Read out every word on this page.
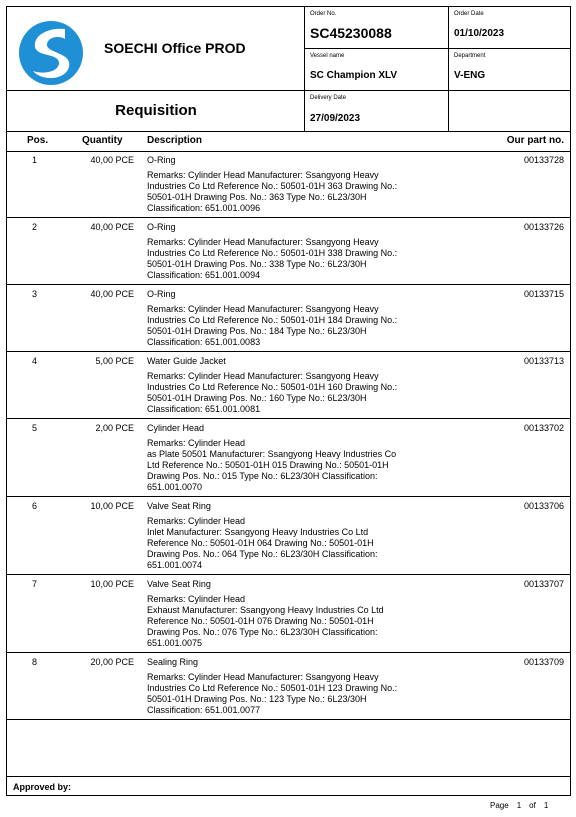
SOECHI Office PROD
Order No.
SC45230088
Order Date
01/10/2023
Vessel name
SC Champion XLV
Department
V-ENG
Requisition
Delivery Date
27/09/2023
Pos.	Quantity Description	Our part no.
1	40,00 PCE O-Ring
Remarks: Cylinder Head Manufacturer: Ssangyong Heavy
Industries Co Ltd Reference No.: 50501-01H 363 Drawing No.:
50501-01H Drawing Pos. No.: 363 Type No.: 6L23/30H
Classification: 651.001.0096
00133728
2	40,00 PCE O-Ring
Remarks: Cylinder Head Manufacturer: Ssangyong Heavy
Industries Co Ltd Reference No.: 50501-01H 338 Drawing No.:
50501-01H Drawing Pos. No.: 338 Type No.: 6L23/30H
Classification: 651.001.0094
00133726
3	40,00 PCE O-Ring
Remarks: Cylinder Head Manufacturer: Ssangyong Heavy
Industries Co Ltd Reference No.: 50501-01H 184 Drawing No.:
50501-01H Drawing Pos. No.: 184 Type No.: 6L23/30H
Classification: 651.001.0083
00133715
4	5,00 PCE Water Guide Jacket
Remarks: Cylinder Head Manufacturer: Ssangyong Heavy
Industries Co Ltd Reference No.: 50501-01H 160 Drawing No.:
50501-01H Drawing Pos. No.: 160 Type No.: 6L23/30H
Classification: 651.001.0081
00133713
5	2,00 PCE Cylinder Head
Remarks: Cylinder Head
as Plate 50501 Manufacturer: Ssangyong Heavy Industries Co
Ltd Reference No.: 50501-01H 015 Drawing No.: 50501-01H
Drawing Pos. No.: 015 Type No.: 6L23/30H Classification:
651.001.0070
00133702
6	10,00 PCE Valve Seat Ring
Remarks: Cylinder Head
Inlet Manufacturer: Ssangyong Heavy Industries Co Ltd
Reference No.: 50501-01H 064 Drawing No.: 50501-01H
Drawing Pos. No.: 064 Type No.: 6L23/30H Classification:
651.001.0074
00133706
7	10,00 PCE Valve Seat Ring
Remarks: Cylinder Head
Exhaust Manufacturer: Ssangyong Heavy Industries Co Ltd
Reference No.: 50501-01H 076 Drawing No.: 50501-01H
Drawing Pos. No.: 076 Type No.: 6L23/30H Classification:
651.001.0075
00133707
8	20,00 PCE Sealing Ring
Remarks: Cylinder Head Manufacturer: Ssangyong Heavy
Industries Co Ltd Reference No.: 50501-01H 123 Drawing No.:
50501-01H Drawing Pos. No.: 123 Type No.: 6L23/30H
Classification: 651.001.0077
00133709
Approved by:
Page 1 of 1
